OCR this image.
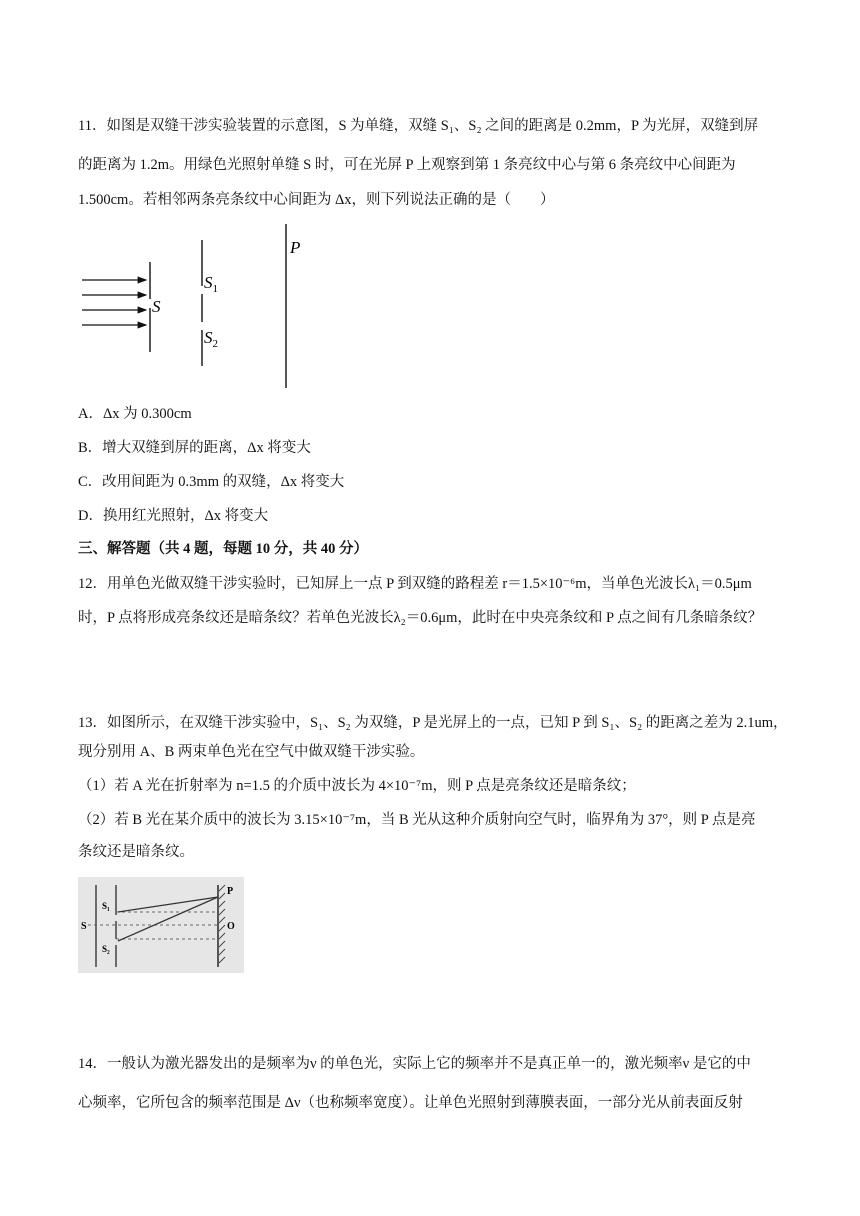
11．如图是双缝干涉实验装置的示意图，S 为单缝，双缝 S₁、S₂ 之间的距离是 0.2mm，P 为光屏，双缝到屏
的距离为 1.2m。用绿色光照射单缝 S 时，可在光屏 P 上观察到第 1 条亮纹中心与第 6 条亮纹中心间距为
1.500cm。若相邻两条亮条纹中心间距为 Δx，则下列说法正确的是（　　）
S
$S_1$
$S_2$
P
A．Δx 为 0.300cm
B．增大双缝到屏的距离，Δx 将变大
C．改用间距为 0.3mm 的双缝，Δx 将变大
D．换用红光照射，Δx 将变大
三、解答题（共 4 题，每题 10 分，共 40 分）
12．用单色光做双缝干涉实验时，已知屏上一点 P 到双缝的路程差 r＝1.5×10⁻⁶m，当单色光波长λ₁＝0.5μm
时，P 点将形成亮条纹还是暗条纹？若单色光波长λ₂＝0.6μm，此时在中央亮条纹和 P 点之间有几条暗条纹？
13．如图所示，在双缝干涉实验中，S₁、S₂ 为双缝，P 是光屏上的一点，已知 P 到 S₁、S₂ 的距离之差为 2.1um，
现分别用 A、B 两束单色光在空气中做双缝干涉实验。
（1）若 A 光在折射率为 n=1.5 的介质中波长为 4×10⁻⁷m，则 P 点是亮条纹还是暗条纹；
（2）若 B 光在某介质中的波长为 3.15×10⁻⁷m，当 B 光从这种介质射向空气时，临界角为 37°，则 P 点是亮
条纹还是暗条纹。
P
O
S
S₁
S₂
14．一般认为激光器发出的是频率为ν 的单色光，实际上它的频率并不是真正单一的，激光频率ν 是它的中
心频率，它所包含的频率范围是 Δν（也称频率宽度）。让单色光照射到薄膜表面，一部分光从前表面反射
